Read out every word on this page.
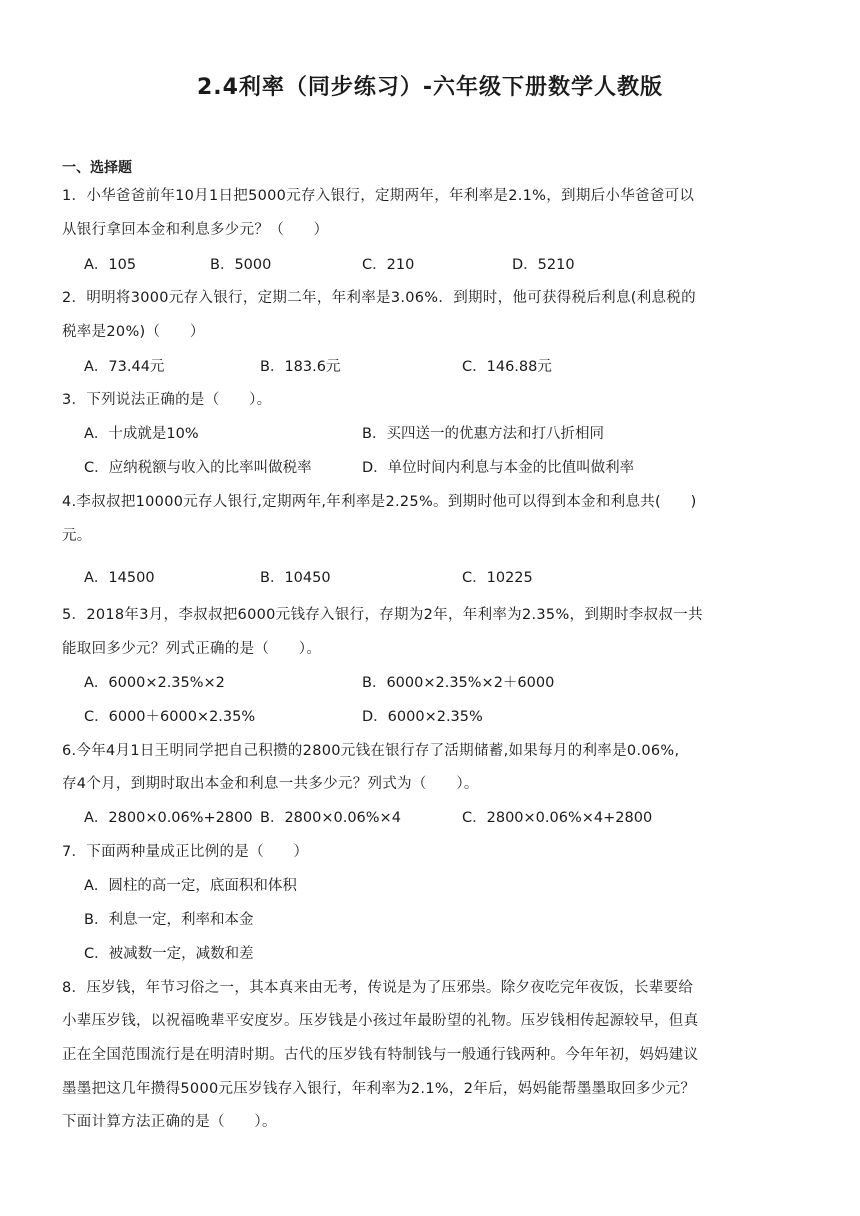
2.4利率（同步练习）-六年级下册数学人教版
一、选择题
1．小华爸爸前年10月1日把5000元存入银行，定期两年，年利率是2.1%，到期后小华爸爸可以
从银行拿回本金和利息多少元？（　　）
A．105	B．5000	C．210	D．5210
2．明明将3000元存入银行，定期二年，年利率是3.06%．到期时，他可获得税后利息(利息税的
税率是20%)（　　）
A．73.44元	B．183.6元	C．146.88元
3．下列说法正确的是（　　）。
A．十成就是10%	B．买四送一的优惠方法和打八折相同
C．应纳税额与收入的比率叫做税率	D．单位时间内利息与本金的比值叫做利率
4.李叔叔把10000元存人银行,定期两年,年利率是2.25%。到期时他可以得到本金和利息共(　　)
元。
A．14500	B．10450	C．10225
5．2018年3月，李叔叔把6000元钱存入银行，存期为2年，年利率为2.35%，到期时李叔叔一共
能取回多少元？列式正确的是（　　）。
A．6000×2.35%×2	B．6000×2.35%×2＋6000
C．6000＋6000×2.35%	D．6000×2.35%
6.今年4月1日王明同学把自己积攒的2800元钱在银行存了活期储蓄,如果每月的利率是0.06%,
存4个月，到期时取出本金和利息一共多少元？列式为（　　）。
A．2800×0.06%+2800 B．2800×0.06%×4	C．2800×0.06%×4+2800
7．下面两种量成正比例的是（　　）
A．圆柱的高一定，底面积和体积
B．利息一定，利率和本金
C．被减数一定，减数和差
8．压岁钱，年节习俗之一，其本真来由无考，传说是为了压邪祟。除夕夜吃完年夜饭，长辈要给
小辈压岁钱，以祝福晚辈平安度岁。压岁钱是小孩过年最盼望的礼物。压岁钱相传起源较早，但真
正在全国范围流行是在明清时期。古代的压岁钱有特制钱与一般通行钱两种。今年年初，妈妈建议
墨墨把这几年攒得5000元压岁钱存入银行，年利率为2.1%，2年后，妈妈能帮墨墨取回多少元？
下面计算方法正确的是（　　）。
